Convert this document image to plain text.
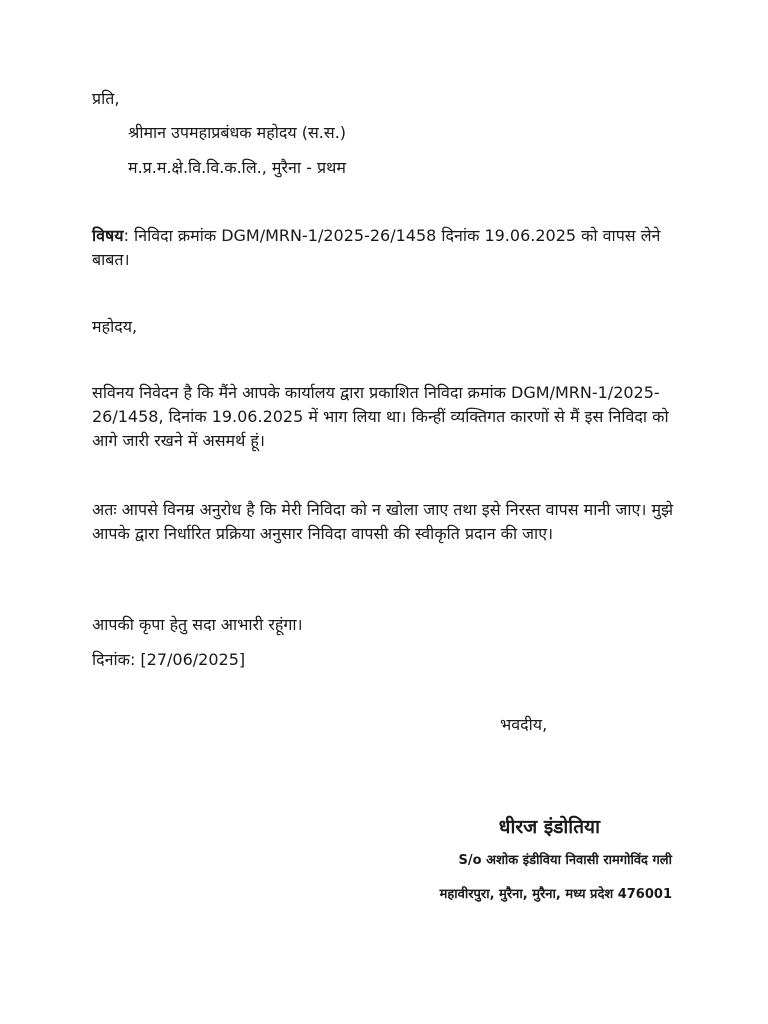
प्रति,
श्रीमान उपमहाप्रबंधक महोदय (स.स.)
म.प्र.म.क्षे.वि.वि.क.लि., मुरैना - प्रथम
विषय: निविदा क्रमांक DGM/MRN-1/2025-26/1458 दिनांक 19.06.2025 को वापस लेने बाबत।
महोदय,
सविनय निवेदन है कि मैंने आपके कार्यालय द्वारा प्रकाशित निविदा क्रमांक DGM/MRN-1/2025-26/1458, दिनांक 19.06.2025 में भाग लिया था। किन्हीं व्यक्तिगत कारणों से मैं इस निविदा को आगे जारी रखने में असमर्थ हूं।
अतः आपसे विनम्र अनुरोध है कि मेरी निविदा को न खोला जाए तथा इसे निरस्त वापस मानी जाए। मुझे आपके द्वारा निर्धारित प्रक्रिया अनुसार निविदा वापसी की स्वीकृति प्रदान की जाए।
आपकी कृपा हेतु सदा आभारी रहूंगा।
दिनांक: [27/06/2025]
भवदीय,
धीरज इंडोतिया
S/o अशोक इंडीविया निवासी रामगोविंद गली
महावीरपुरा, मुरैना, मुरैना, मध्य प्रदेश 476001
